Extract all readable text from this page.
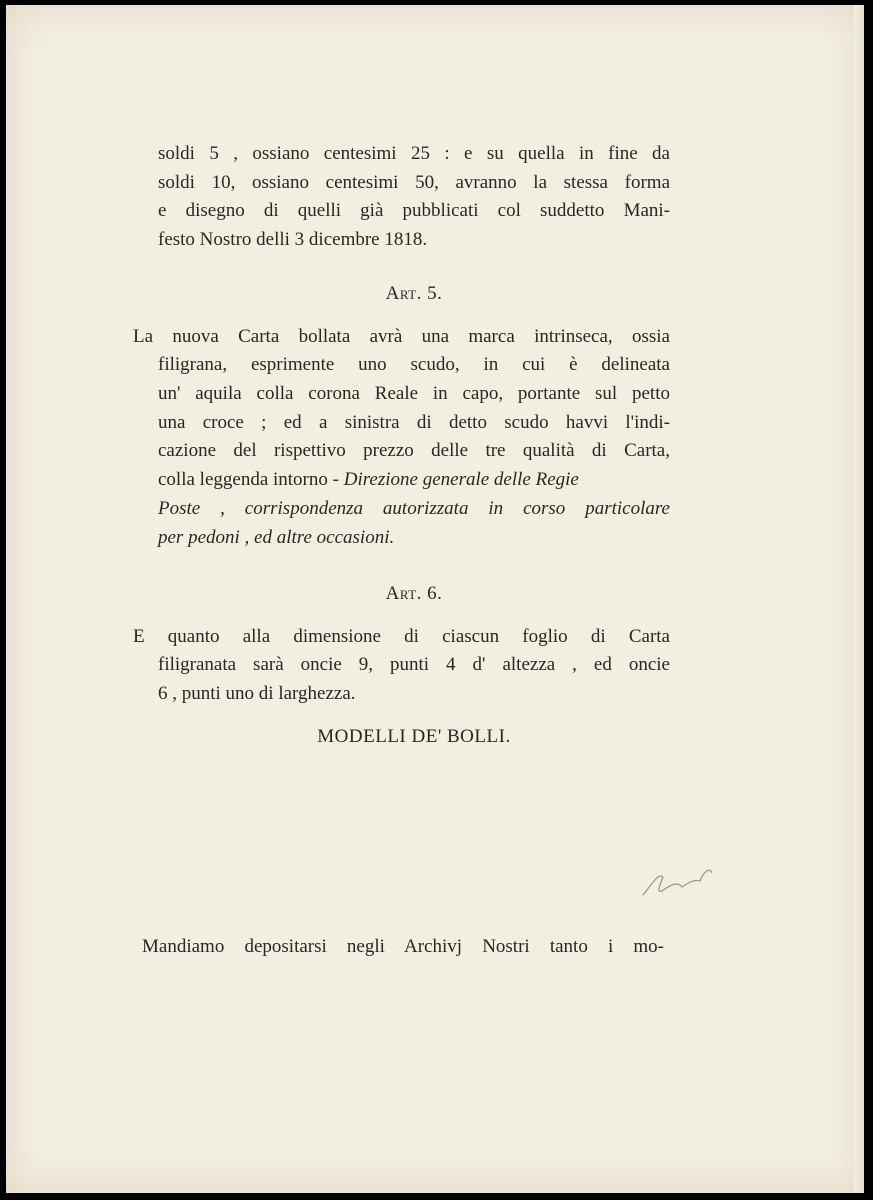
soldi 5 , ossiano centesimi 25 : e su quella in fine da
soldi 10, ossiano centesimi 50, avranno la stessa forma
e disegno di quelli già pubblicati col suddetto Mani-
festo Nostro delli 3 dicembre 1818.
Art. 5.
La nuova Carta bollata avrà una marca intrinseca, ossia
filigrana, esprimente uno scudo, in cui è delineata
un' aquila colla corona Reale in capo, portante sul petto
una croce ; ed a sinistra di detto scudo havvi l'indi-
cazione del rispettivo prezzo delle tre qualità di Carta,
colla leggenda intorno - Direzione generale delle Regie
Poste , corrispondenza autorizzata in corso particolare
per pedoni , ed altre occasioni.
Art. 6.
E quanto alla dimensione di ciascun foglio di Carta
filigranata sarà oncie 9, punti 4 d' altezza , ed oncie
6 , punti uno di larghezza.
MODELLI DE' BOLLI.
Mandiamo depositarsi negli Archivj Nostri tanto i mo-
